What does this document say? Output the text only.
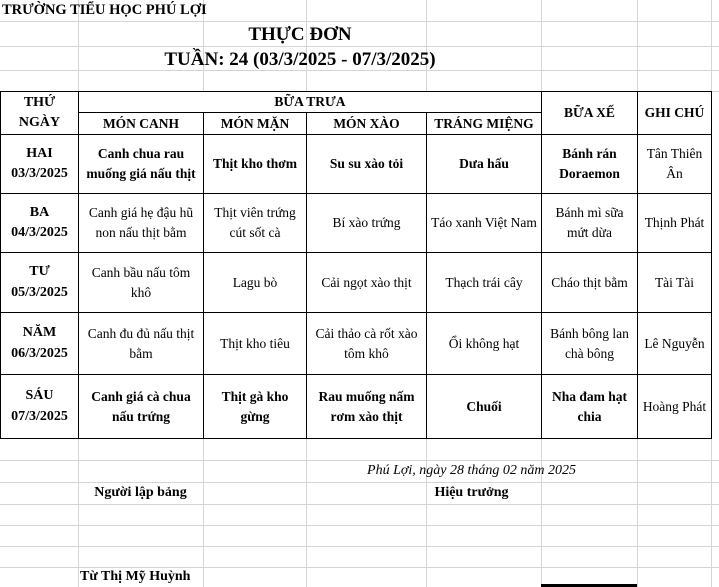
TRƯỜNG TIỂU HỌC PHÚ LỢI
THỰC ĐƠN
TUẦN: 24 (03/3/2025 - 07/3/2025)
THỨ
NGÀY	BỮA TRƯA				BỮA XẾ	GHI CHÚ
	MÓN CANH	MÓN MẶN	MÓN XÀO	TRÁNG MIỆNG		

HAI
03/3/2025	Canh chua rau muống giá nấu thịt	Thịt kho thơm	Su su xào tỏi	Dưa hấu	Bánh rán Doraemon	Tân Thiên Ân

BA
04/3/2025	Canh giá hẹ đậu hũ non nấu thịt bằm	Thịt viên trứng cút sốt cà	Bí xào trứng	Táo xanh Việt Nam	Bánh mì sữa mứt dừa	Thịnh Phát

TƯ
05/3/2025	Canh bầu nấu tôm khô	Lagu bò	Cải ngọt xào thịt	Thạch trái cây	Cháo thịt bằm	Tài Tài

NĂM
06/3/2025	Canh đu đủ nấu thịt bằm	Thịt kho tiêu	Cải thảo cà rốt xào tôm khô	Ổi không hạt	Bánh bông lan chà bông	Lê Nguyễn

SÁU
07/3/2025	Canh giá cà chua nấu trứng	Thịt gà kho gừng	Rau muống nấm rơm xào thịt	Chuối	Nha đam hạt chia	Hoàng Phát
Phú Lợi, ngày 28 tháng 02 năm 2025
Người lập bảng	Hiệu trưởng
Từ Thị Mỹ Huỳnh
